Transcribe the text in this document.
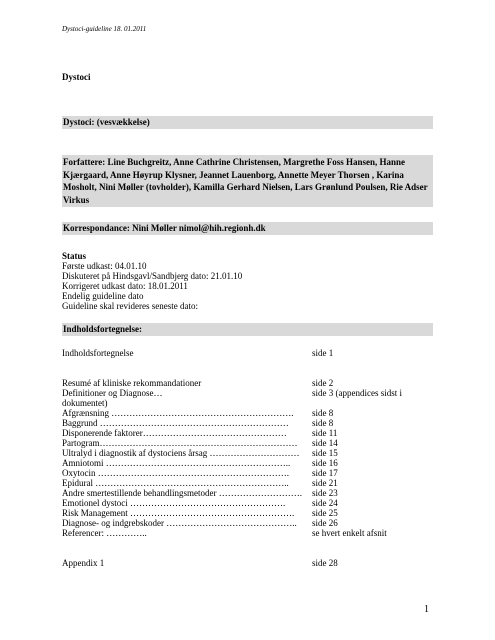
Dystoci-guideline 18. 01.2011
Dystoci
Dystoci: (vesvækkelse)
Forfattere: Line Buchgreitz, Anne Cathrine Christensen, Margrethe Foss Hansen, Hanne Kjærgaard, Anne Høyrup Klysner, Jeannet Lauenborg, Annette Meyer Thorsen , Karina Mosholt, Nini Møller (tovholder), Kamilla Gerhard Nielsen, Lars Grønlund Poulsen, Rie Adser Virkus
Korrespondance: Nini Møller nimol@hih.regionh.dk
Status
Første udkast: 04.01.10
Diskuteret på Hindsgavl/Sandbjerg dato: 21.01.10
Korrigeret udkast dato: 18.01.2011
Endelig guideline dato
Guideline skal revideres seneste dato:
Indholdsfortegnelse:
Indholdsfortegnelse	side 1
Resumé af kliniske rekommandationer	side 2
Definitioner og Diagnose…	side 3 (appendices sidst i
dokumentet)
Afgrænsning ……………………………………………………. side 8
Baggrund ………………………………………………………	side 8
Disponerende faktorer…………………………………………	side 11
Partogram………………………………………………………… side 14
Ultralyd i diagnostik af dystociens årsag ………………………… side 15
Amniotomi …………………………………………………….. side 16
Oxytocin ……………………………………………………….	side 17
Epidural ………………………………………………………..	side 21
Andre smertestillende behandlingsmetoder ………………………. side 23
Emotionel dystoci …………………………………………….	side 24
Risk Management ………………………………………………. side 25
Diagnose- og indgrebskoder …………………………………….. side 26
Referencer: …………..	se hvert enkelt afsnit
Appendix 1	side 28
1
